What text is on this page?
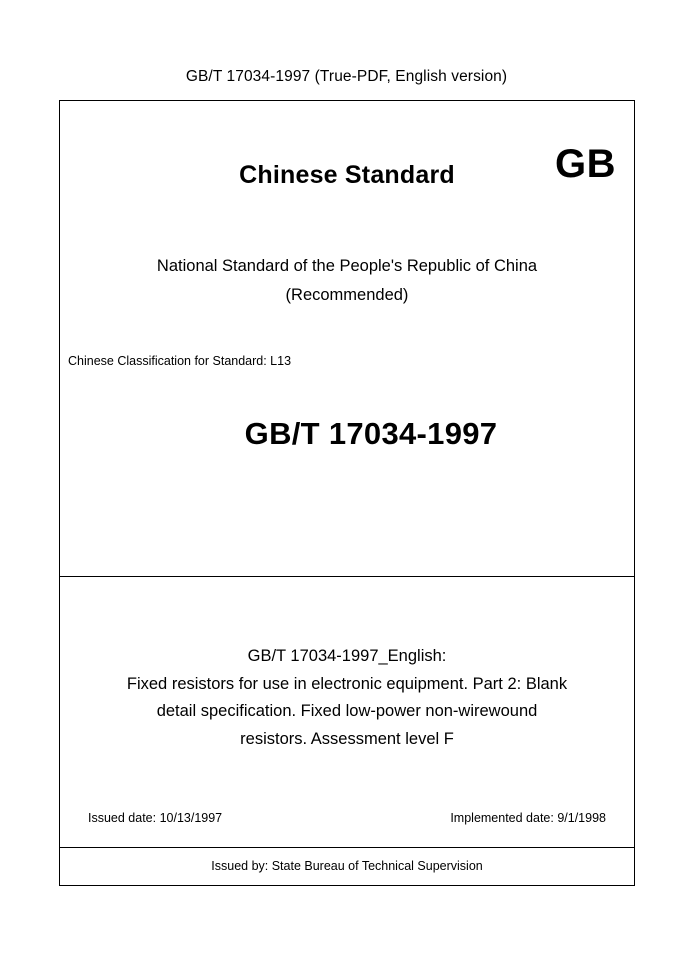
GB/T 17034-1997 (True-PDF, English version)
GB
Chinese Standard
National Standard of the People's Republic of China
(Recommended)
Chinese Classification for Standard: L13
GB/T 17034-1997
GB/T 17034-1997_English:
Fixed resistors for use in electronic equipment. Part 2: Blank
detail specification. Fixed low-power non-wirewound
resistors. Assessment level F
Issued date: 10/13/1997	Implemented date: 9/1/1998
Issued by: State Bureau of Technical Supervision
